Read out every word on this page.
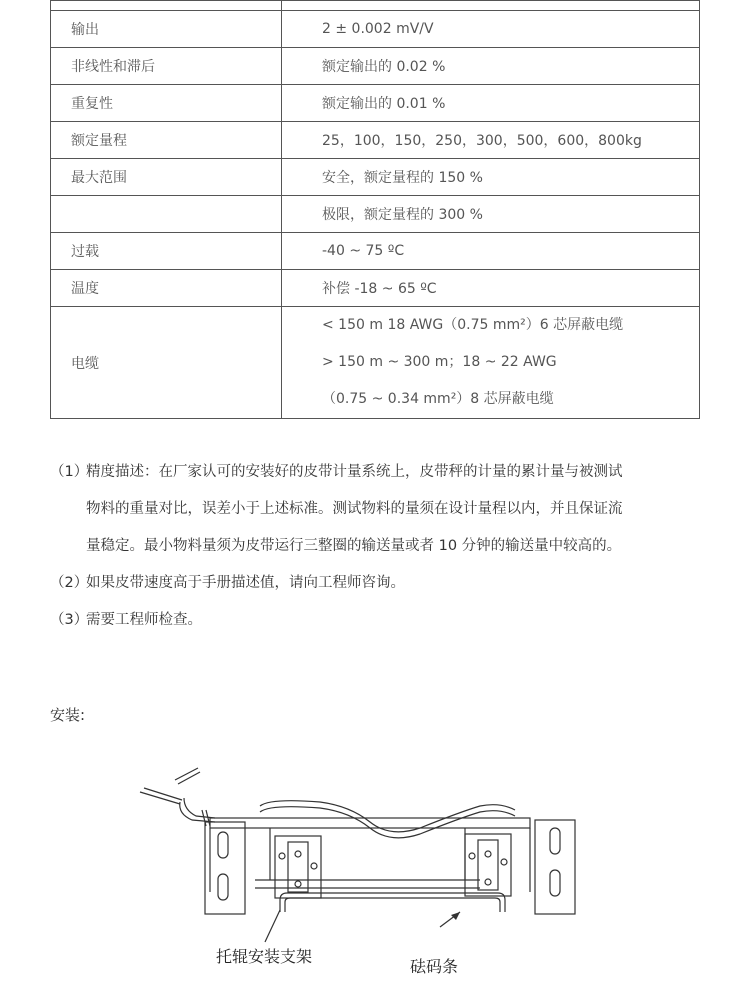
输出	2 ± 0.002 mV/V
非线性和滞后	额定输出的 0.02 %
重复性	额定输出的 0.01 %
额定量程	25，100，150，250，300，500，600，800kg
最大范围	安全，额定量程的 150 %
	极限，额定量程的 300 %
过载	-40 ~ 75 ºC
温度	补偿 -18 ~ 65 ºC
电缆	< 150 m 18 AWG（0.75 mm²）6 芯屏蔽电缆
> 150 m ~ 300 m；18 ~ 22 AWG
（0.75 ~ 0.34 mm²）8 芯屏蔽电缆
（1）
精度描述：在厂家认可的安装好的皮带计量系统上，皮带秤的计量的累计量与被测试
物料的重量对比，误差小于上述标准。测试物料的量须在设计量程以内，并且保证流
量稳定。最小物料量须为皮带运行三整圈的输送量或者 10 分钟的输送量中较高的。
（2）
如果皮带速度高于手册描述值，请向工程师咨询。
（3）
需要工程师检查。
安装:
托辊安装支架
砝码条
